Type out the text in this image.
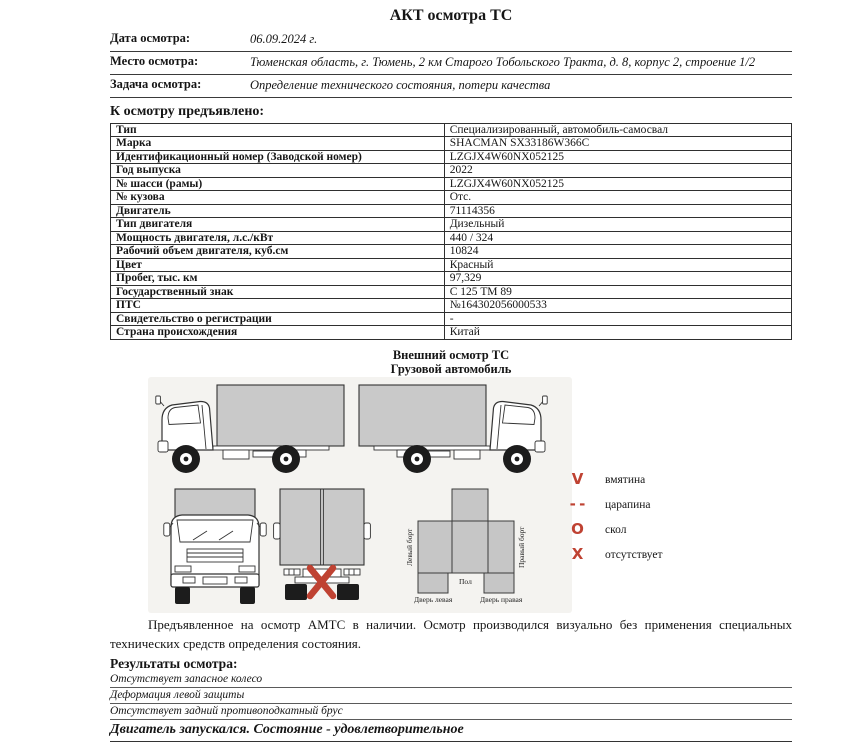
АКТ осмотра ТС
Дата осмотра:	06.09.2024 г.
Место осмотра:	Тюменская область, г. Тюмень, 2 км Старого Тобольского Тракта, д. 8, корпус 2, строение 1/2
Задача осмотра:	Определение технического состояния, потери качества
К осмотру предъявлено:
Тип	Специализированный, автомобиль-самосвал
Марка	SHACMAN SX33186W366C
Идентификационный номер (Заводской номер)	LZGJX4W60NX052125
Год выпуска	2022
№ шасси (рамы)	LZGJX4W60NX052125
№ кузова	Отс.
Двигатель	71114356
Тип двигателя	Дизельный
Мощность двигателя, л.с./кВт	440 / 324
Рабочий объем двигателя, куб.см	10824
Цвет	Красный
Пробег, тыс. км	97,329
Государственный знак	С 125 ТМ 89
ПТС	№164302056000533
Свидетельство о регистрации	-
Страна происхождения	Китай
Внешний осмотр ТС
Грузовой автомобиль
Левый борт	Правый борт
Пол
Дверь левая	Дверь правая
V	вмятина
- -	царапина
O	скол
X	отсутствует
Предъявленное на осмотр АМТС в наличии. Осмотр производился визуально без применения специальных технических средств определения состояния.
Результаты осмотра:
Отсутствует запасное колесо
Деформация левой защиты
Отсутствует задний противоподкатный брус
Двигатель запускался. Состояние - удовлетворительное
